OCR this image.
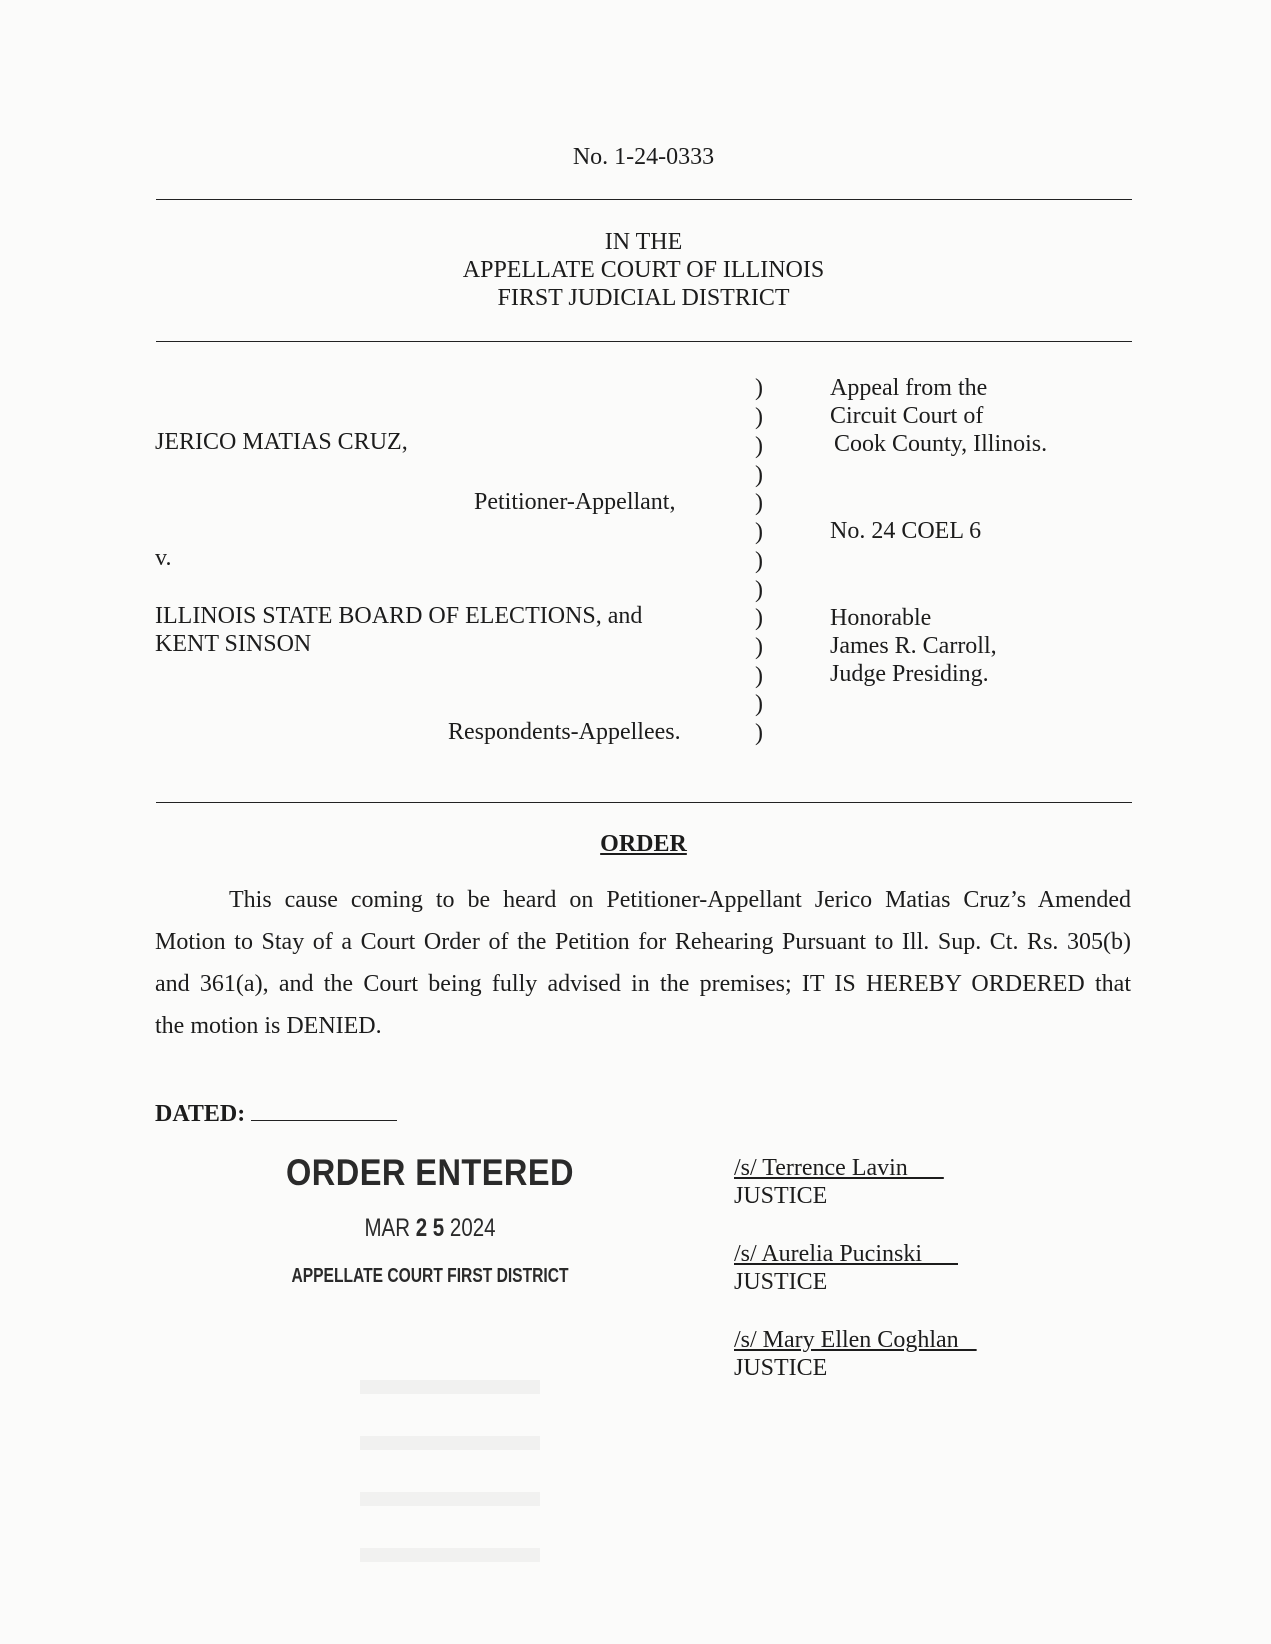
No. 1-24-0333
IN THE
APPELLATE COURT OF ILLINOIS
FIRST JUDICIAL DISTRICT
JERICO MATIAS CRUZ,
Petitioner-Appellant,
v.
ILLINOIS STATE BOARD OF ELECTIONS, and
KENT SINSON
Respondents-Appellees.
)
)
)
)
)
)
)
)
)
)
)
)
)
Appeal from the
Circuit Court of
Cook County, Illinois.
No. 24 COEL 6
Honorable
James R. Carroll,
Judge Presiding.
ORDER
This cause coming to be heard on Petitioner-Appellant Jerico Matias Cruz’s Amended
Motion to Stay of a Court Order of the Petition for Rehearing Pursuant to Ill. Sup. Ct. Rs. 305(b)
and 361(a), and the Court being fully advised in the premises; IT IS HEREBY ORDERED that
the motion is DENIED.
DATED:
ORDER ENTERED
MAR 2 5 2024
APPELLATE COURT FIRST DISTRICT
/s/ Terrence Lavin
JUSTICE
/s/ Aurelia Pucinski
JUSTICE
/s/ Mary Ellen Coghlan
JUSTICE
